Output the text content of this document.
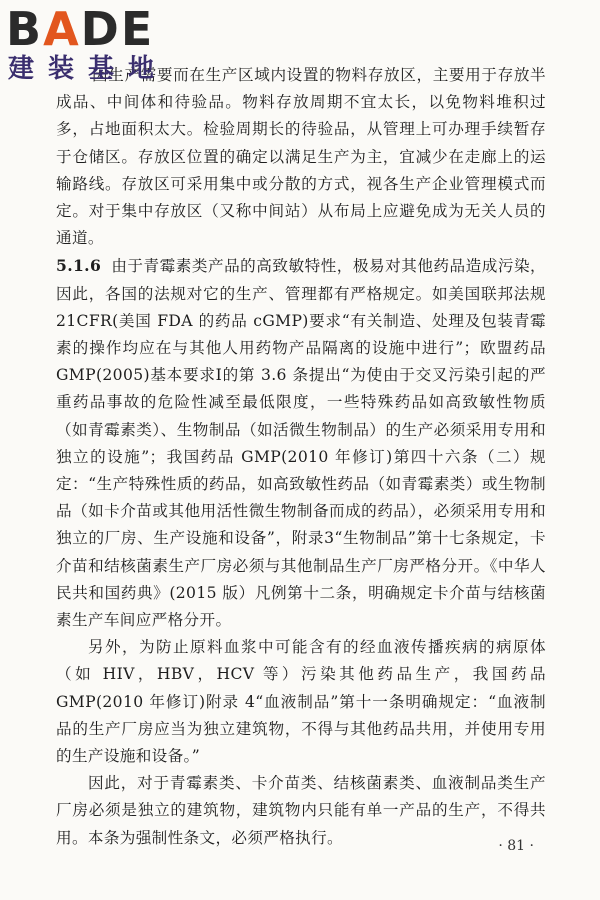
BADE
建装基地

因生产需要而在生产区域内设置的物料存放区，主要用于存放半成品、中间体和待验品。物料存放周期不宜太长，以免物料堆积过多，占地面积太大。检验周期长的待验品，从管理上可办理手续暂存于仓储区。存放区位置的确定以满足生产为主，宜减少在走廊上的运输路线。存放区可采用集中或分散的方式，视各生产企业管理模式而定。对于集中存放区（又称中间站）从布局上应避免成为无关人员的通道。

5.1.6 由于青霉素类产品的高致敏特性，极易对其他药品造成污染，因此，各国的法规对它的生产、管理都有严格规定。如美国联邦法规 21CFR(美国 FDA 的药品 cGMP)要求“有关制造、处理及包装青霉素的操作均应在与其他人用药物产品隔离的设施中进行”；欧盟药品 GMP(2005)基本要求Ⅰ的第 3.6 条提出“为使由于交叉污染引起的严重药品事故的危险性减至最低限度，一些特殊药品如高致敏性物质（如青霉素类）、生物制品（如活微生物制品）的生产必须采用专用和独立的设施”；我国药品 GMP(2010 年修订)第四十六条（二）规定：“生产特殊性质的药品，如高致敏性药品（如青霉素类）或生物制品（如卡介苗或其他用活性微生物制备而成的药品），必须采用专用和独立的厂房、生产设施和设备”，附录3“生物制品”第十七条规定，卡介苗和结核菌素生产厂房必须与其他制品生产厂房严格分开。《中华人民共和国药典》(2015 版）凡例第十二条，明确规定卡介苗与结核菌素生产车间应严格分开。

另外，为防止原料血浆中可能含有的经血液传播疾病的病原体（如 HIV，HBV，HCV 等）污染其他药品生产，我国药品 GMP(2010 年修订)附录 4“血液制品”第十一条明确规定：“血液制品的生产厂房应当为独立建筑物，不得与其他药品共用，并使用专用的生产设施和设备。”

因此，对于青霉素类、卡介苗类、结核菌素类、血液制品类生产厂房必须是独立的建筑物，建筑物内只能有单一产品的生产，不得共用。本条为强制性条文，必须严格执行。	· 81 ·
